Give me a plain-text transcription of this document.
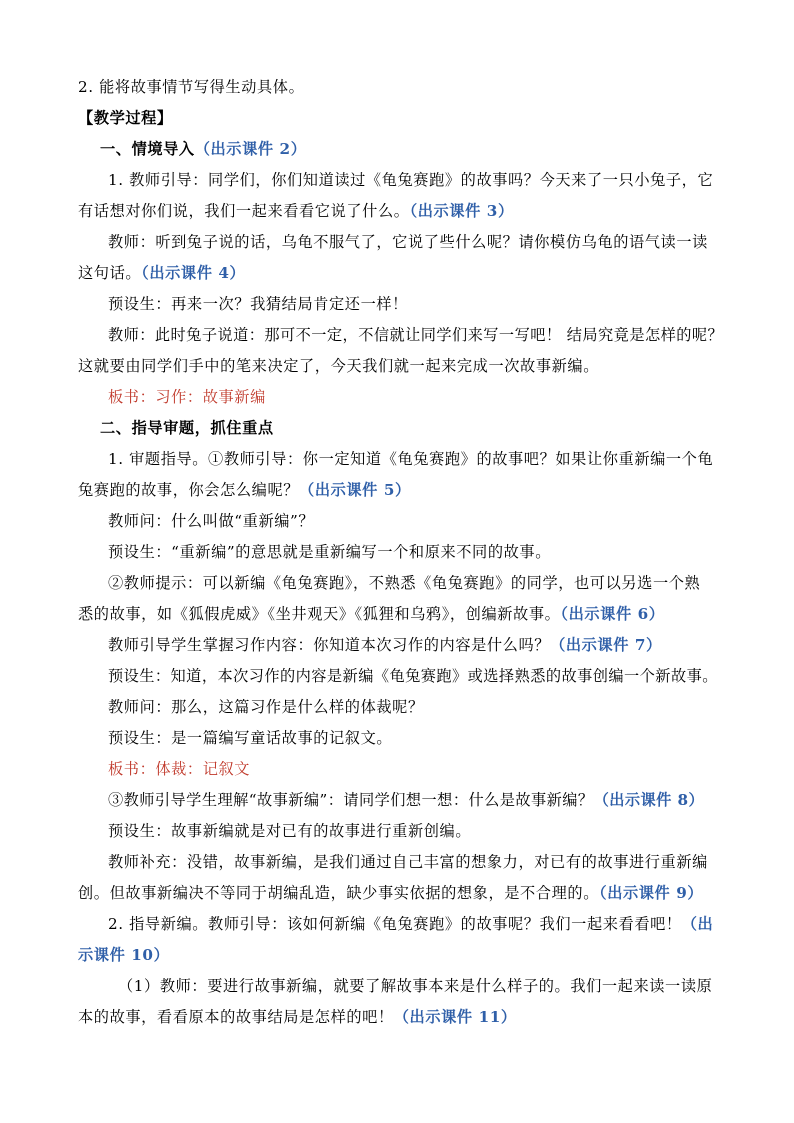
2. 能将故事情节写得生动具体。
【教学过程】
一、情境导入（出示课件 2）
1. 教师引导：同学们，你们知道读过《龟兔赛跑》的故事吗？今天来了一只小兔子，它
有话想对你们说，我们一起来看看它说了什么。（出示课件 3）
教师：听到兔子说的话，乌龟不服气了，它说了些什么呢？请你模仿乌龟的语气读一读
这句话。（出示课件 4）
预设生：再来一次？我猜结局肯定还一样！
教师：此时兔子说道：那可不一定，不信就让同学们来写一写吧！ 结局究竟是怎样的呢？
这就要由同学们手中的笔来决定了，今天我们就一起来完成一次故事新编。
板书：习作：故事新编
二、指导审题，抓住重点
1. 审题指导。①教师引导：你一定知道《龟兔赛跑》的故事吧？如果让你重新编一个龟
兔赛跑的故事，你会怎么编呢？（出示课件 5）
教师问：什么叫做“重新编”？
预设生：“重新编”的意思就是重新编写一个和原来不同的故事。
②教师提示：可以新编《龟兔赛跑》，不熟悉《龟兔赛跑》的同学，也可以另选一个熟
悉的故事，如《狐假虎威》《坐井观天》《狐狸和乌鸦》，创编新故事。（出示课件 6）
教师引导学生掌握习作内容：你知道本次习作的内容是什么吗？（出示课件 7）
预设生：知道，本次习作的内容是新编《龟兔赛跑》或选择熟悉的故事创编一个新故事。
教师问：那么，这篇习作是什么样的体裁呢？
预设生：是一篇编写童话故事的记叙文。
板书：体裁：记叙文
③教师引导学生理解“故事新编”：请同学们想一想：什么是故事新编？（出示课件 8）
预设生：故事新编就是对已有的故事进行重新创编。
教师补充：没错，故事新编，是我们通过自己丰富的想象力，对已有的故事进行重新编
创。但故事新编决不等同于胡编乱造，缺少事实依据的想象，是不合理的。（出示课件 9）
2. 指导新编。教师引导：该如何新编《龟兔赛跑》的故事呢？我们一起来看看吧！（出
示课件 10）
（1）教师：要进行故事新编，就要了解故事本来是什么样子的。我们一起来读一读原
本的故事，看看原本的故事结局是怎样的吧！（出示课件 11）
